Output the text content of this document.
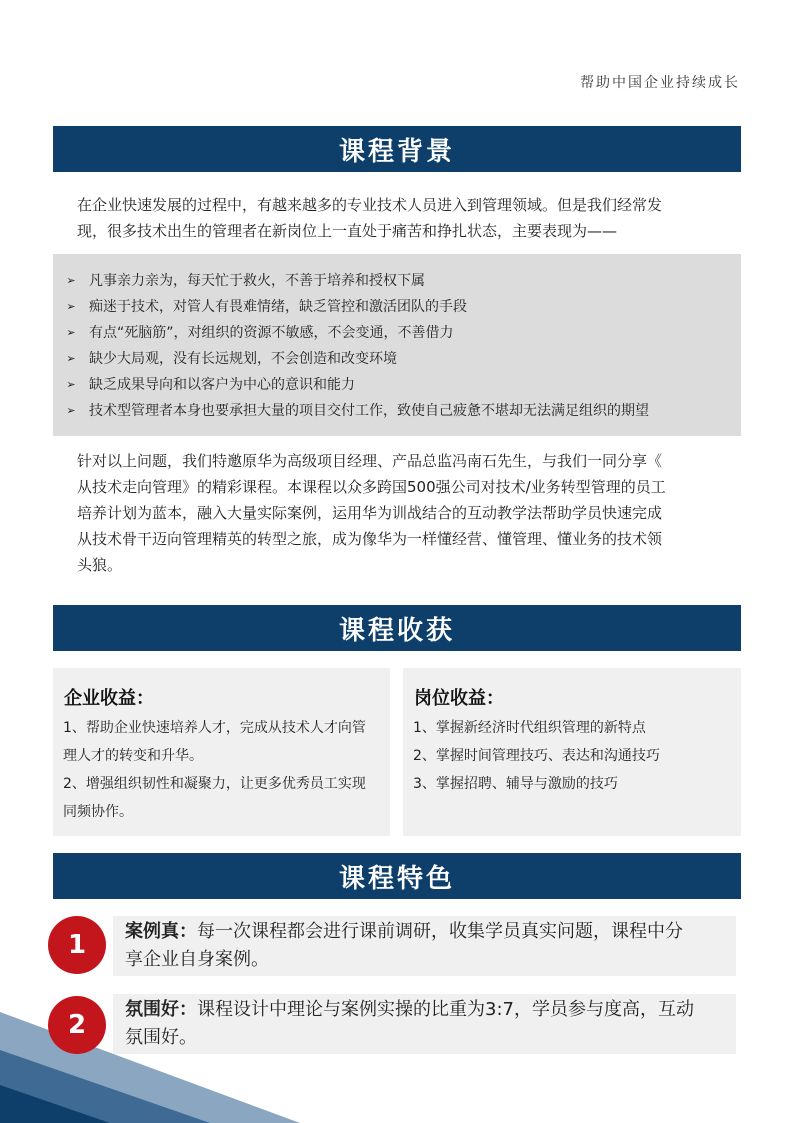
帮助中国企业持续成长
课程背景
在企业快速发展的过程中，有越来越多的专业技术人员进入到管理领域。但是我们经常发
现，很多技术出生的管理者在新岗位上一直处于痛苦和挣扎状态，主要表现为——
➢ 凡事亲力亲为，每天忙于救火，不善于培养和授权下属
➢ 痴迷于技术，对管人有畏难情绪，缺乏管控和激活团队的手段
➢ 有点“死脑筋”，对组织的资源不敏感，不会变通，不善借力
➢ 缺少大局观，没有长远规划，不会创造和改变环境
➢ 缺乏成果导向和以客户为中心的意识和能力
➢ 技术型管理者本身也要承担大量的项目交付工作，致使自己疲惫不堪却无法满足组织的期望
针对以上问题，我们特邀原华为高级项目经理、产品总监冯南石先生，与我们一同分享《
从技术走向管理》的精彩课程。本课程以众多跨国500强公司对技术/业务转型管理的员工
培养计划为蓝本，融入大量实际案例，运用华为训战结合的互动教学法帮助学员快速完成
从技术骨干迈向管理精英的转型之旅，成为像华为一样懂经营、懂管理、懂业务的技术领
头狼。
课程收获
企业收益：

1、帮助企业快速培养人才，完成从技术人才向管

理人才的转变和升华。

2、增强组织韧性和凝聚力，让更多优秀员工实现

同频协作。

岗位收益：

1、掌握新经济时代组织管理的新特点

2、掌握时间管理技巧、表达和沟通技巧

3、掌握招聘、辅导与激励的技巧

课程特色
案例真：每一次课程都会进行课前调研，收集学员真实问题，课程中分
享企业自身案例。
1
氛围好：课程设计中理论与案例实操的比重为3:7，学员参与度高，互动
氛围好。
2
